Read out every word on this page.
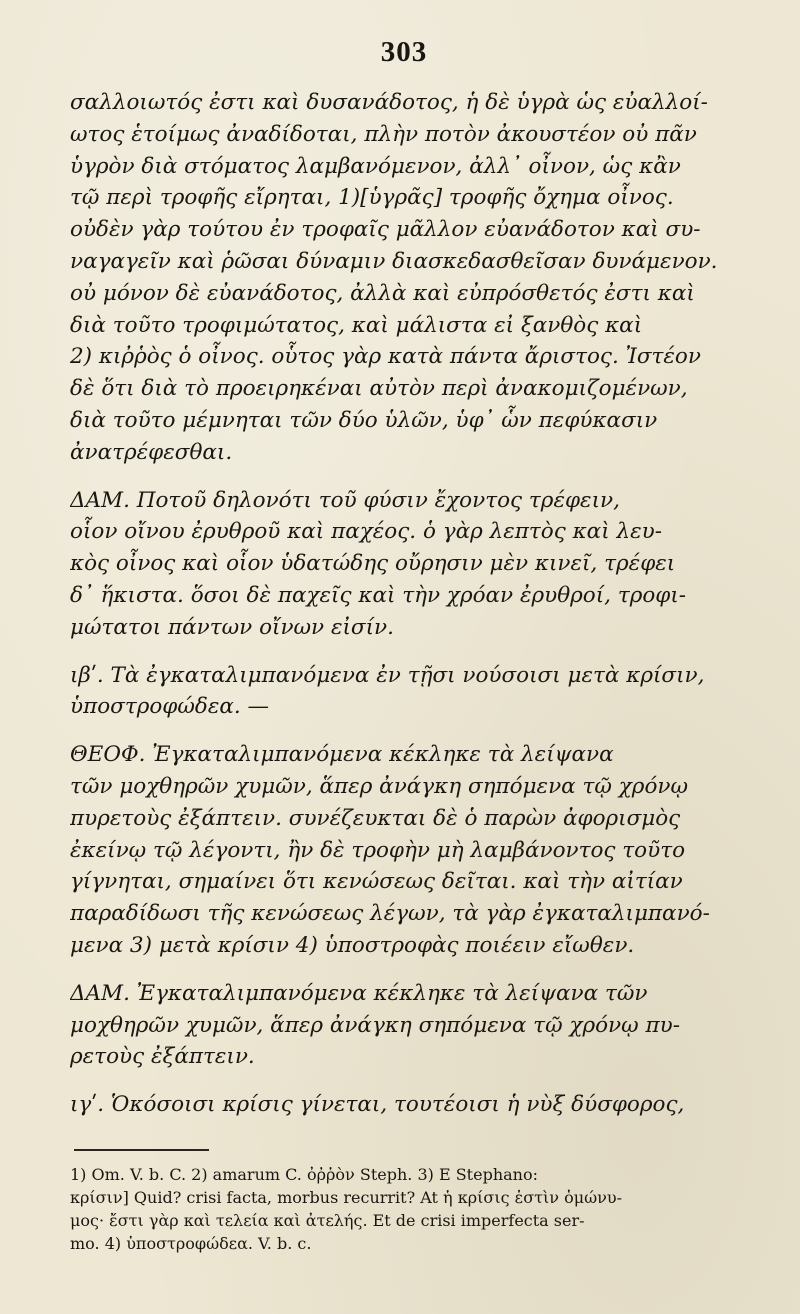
303
σαλλοιωτός ἐστι καὶ δυσανάδοτος, ἡ δὲ ὑγρὰ ὡς εὐαλλοί-
ωτος ἑτοίμως ἀναδίδοται, πλὴν ποτὸν ἀκουστέον οὐ πᾶν
ὑγρὸν διὰ στόματος λαμβανόμενον, ἀλλ᾽ οἶνον, ὡς κἂν
τῷ περὶ τροφῆς εἴρηται, 1)[ὑγρᾶς] τροφῆς ὄχημα οἶνος.
οὐδὲν γὰρ τούτου ἐν τροφαῖς μᾶλλον εὐανάδοτον καὶ συ-
ναγαγεῖν καὶ ῥῶσαι δύναμιν διασκεδασθεῖσαν δυνάμενον.
οὐ μόνον δὲ εὐανάδοτος, ἀλλὰ καὶ εὐπρόσθετός ἐστι καὶ
διὰ τοῦτο τροφιμώτατος, καὶ μάλιστα εἰ ξανθὸς καὶ
2) κιῤῥὸς ὁ οἶνος. οὗτος γὰρ κατὰ πάντα ἄριστος. Ἰστέον
δὲ ὅτι διὰ τὸ προειρηκέναι αὐτὸν περὶ ἀνακομιζομένων,
διὰ τοῦτο μέμνηται τῶν δύο ὑλῶν, ὑφ᾽ ὧν πεφύκασιν
ἀνατρέφεσθαι.
ΔΑΜ. Ποτοῦ δηλονότι τοῦ φύσιν ἔχοντος τρέφειν,
οἷον οἴνου ἐρυθροῦ καὶ παχέος. ὁ γὰρ λεπτὸς καὶ λευ-
κὸς οἶνος καὶ οἷον ὑδατώδης οὔρησιν μὲν κινεῖ, τρέφει
δ᾽ ἥκιστα. ὅσοι δὲ παχεῖς καὶ τὴν χρόαν ἐρυθροί, τροφι-
μώτατοι πάντων οἴνων εἰσίν.
ιβʹ. Τὰ ἐγκαταλιμπανόμενα ἐν τῇσι νούσοισι μετὰ κρίσιν,
ὑποστροφώδεα. —
ΘΕΟΦ. Ἐγκαταλιμπανόμενα κέκληκε τὰ λείψανα
τῶν μοχθηρῶν χυμῶν, ἅπερ ἀνάγκη σηπόμενα τῷ χρόνῳ
πυρετοὺς ἐξάπτειν. συνέζευκται δὲ ὁ παρὼν ἀφορισμὸς
ἐκείνῳ τῷ λέγοντι, ἢν δὲ τροφὴν μὴ λαμβάνοντος τοῦτο
γίγνηται, σημαίνει ὅτι κενώσεως δεῖται. καὶ τὴν αἰτίαν
παραδίδωσι τῆς κενώσεως λέγων, τὰ γὰρ ἐγκαταλιμπανό-
μενα 3) μετὰ κρίσιν 4) ὑποστροφὰς ποιέειν εἴωθεν.
ΔΑΜ. Ἐγκαταλιμπανόμενα κέκληκε τὰ λείψανα τῶν
μοχθηρῶν χυμῶν, ἅπερ ἀνάγκη σηπόμενα τῷ χρόνῳ πυ-
ρετοὺς ἐξάπτειν.
ιγʹ. Ὁκόσοισι κρίσις γίνεται, τουτέοισι ἡ νὺξ δύσφορος,
1) Om. V. b. C. 2) amarum C. ὀῤῥὸν Steph. 3) E Stephano:
κρίσιν] Quid? crisi facta, morbus recurrit? At ἡ κρίσις ἐστὶν ὁμώνυ-
μος· ἔστι γὰρ καὶ τελεία καὶ ἀτελής. Et de crisi imperfecta ser-
mo. 4) ὑποστροφώδεα. V. b. c.
